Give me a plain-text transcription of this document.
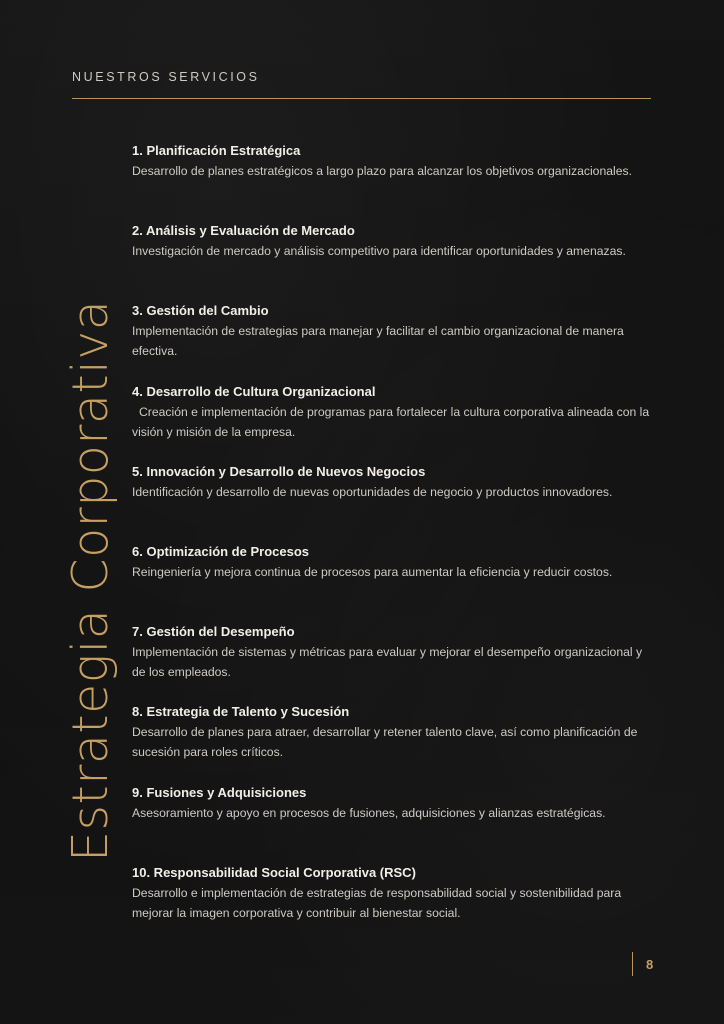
NUESTROS SERVICIOS
Estrategia Corporativa
1. Planificación Estratégica
Desarrollo de planes estratégicos a largo plazo para alcanzar los objetivos organizacionales.
2. Análisis y Evaluación de Mercado
Investigación de mercado y análisis competitivo para identificar oportunidades y amenazas.
3. Gestión del Cambio
Implementación de estrategias para manejar y facilitar el cambio organizacional de manera efectiva.
4. Desarrollo de Cultura Organizacional
Creación e implementación de programas para fortalecer la cultura corporativa alineada con la visión y misión de la empresa.
5. Innovación y Desarrollo de Nuevos Negocios
Identificación y desarrollo de nuevas oportunidades de negocio y productos innovadores.
6. Optimización de Procesos
Reingeniería y mejora continua de procesos para aumentar la eficiencia y reducir costos.
7. Gestión del Desempeño
Implementación de sistemas y métricas para evaluar y mejorar el desempeño organizacional y de los empleados.
8. Estrategia de Talento y Sucesión
Desarrollo de planes para atraer, desarrollar y retener talento clave, así como planificación de sucesión para roles críticos.
9. Fusiones y Adquisiciones
Asesoramiento y apoyo en procesos de fusiones, adquisiciones y alianzas estratégicas.
10. Responsabilidad Social Corporativa (RSC)
Desarrollo e implementación de estrategias de responsabilidad social y sostenibilidad para mejorar la imagen corporativa y contribuir al bienestar social.
8
